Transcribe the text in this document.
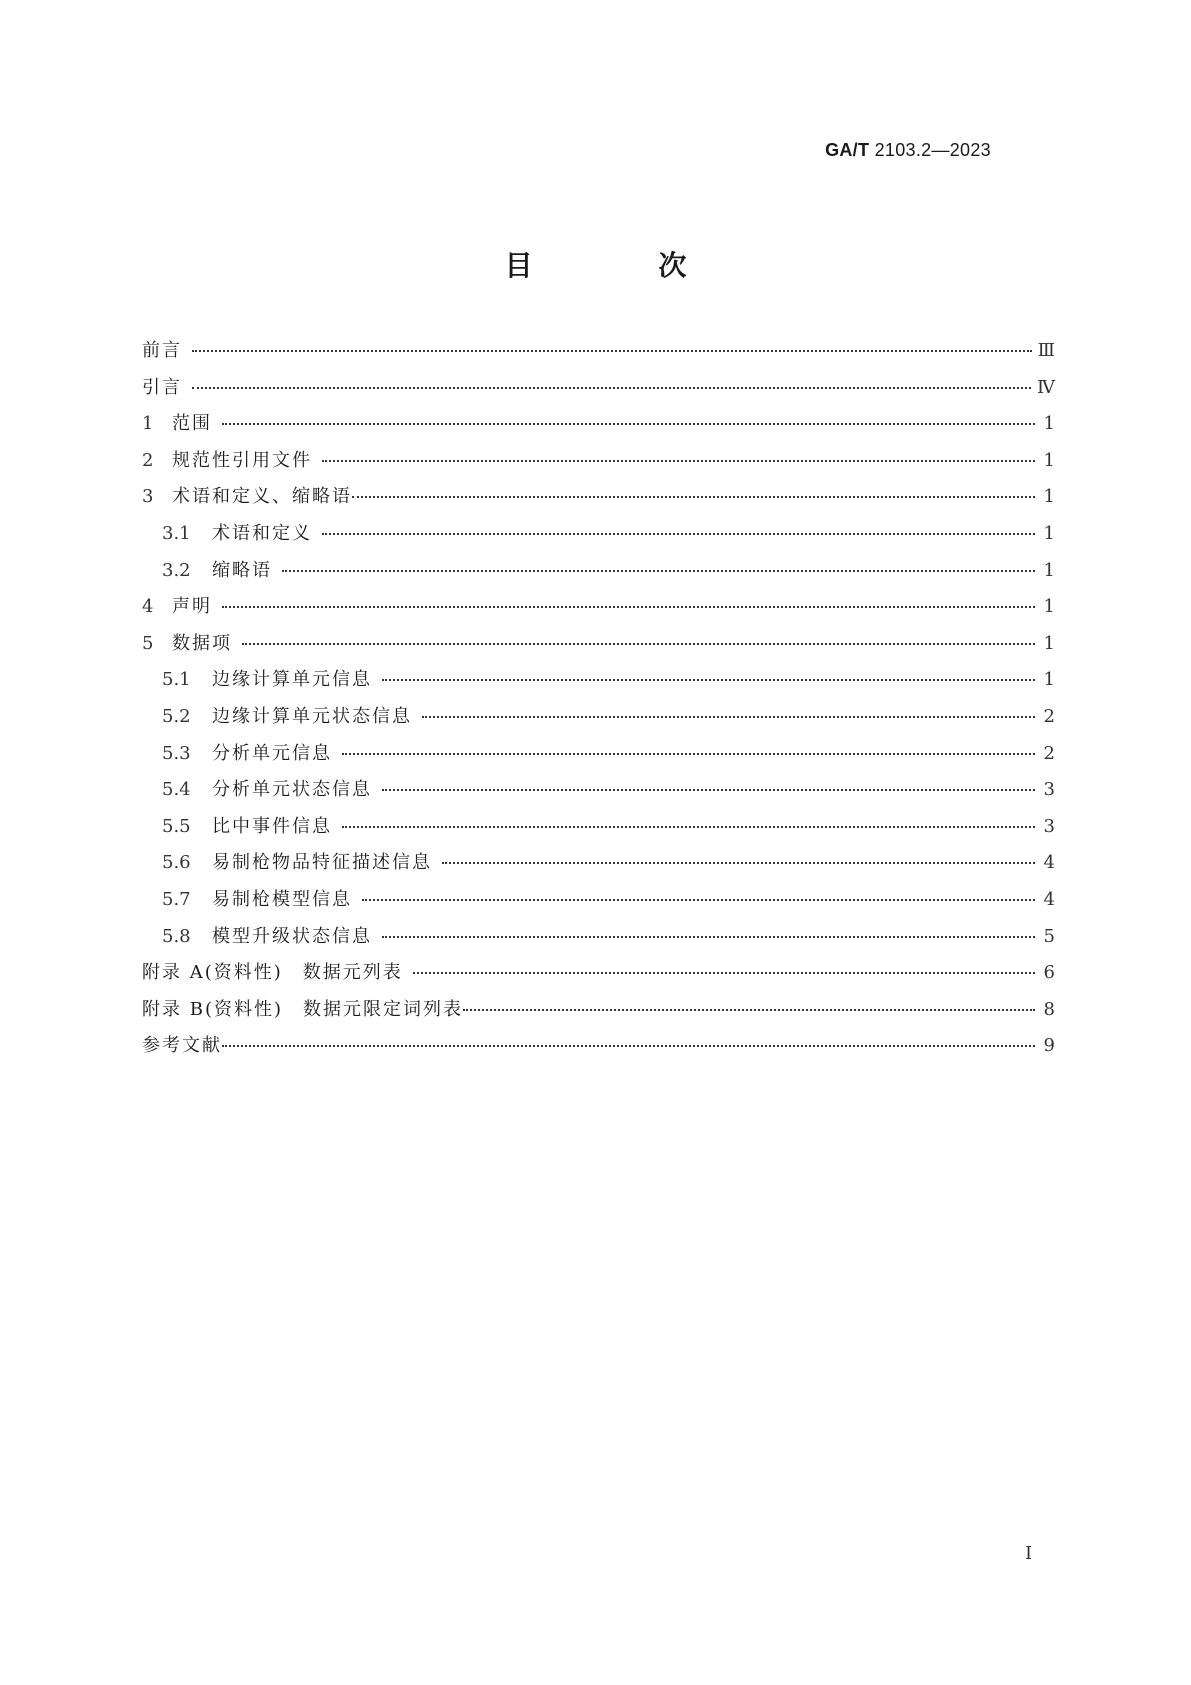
GA/T 2103.2—2023
目 次
前言	Ⅲ
引言	Ⅳ
1	范围	1
2	规范性引用文件	1
3	术语和定义、缩略语	1
3.1	术语和定义	1
3.2	缩略语	1
4	声明	1
5	数据项	1
5.1	边缘计算单元信息	1
5.2	边缘计算单元状态信息	2
5.3	分析单元信息	2
5.4	分析单元状态信息	3
5.5	比中事件信息	3
5.6	易制枪物品特征描述信息	4
5.7	易制枪模型信息	4
5.8	模型升级状态信息	5
附录 A(资料性)　数据元列表	6
附录 B(资料性)　数据元限定词列表	8
参考文献	9
Ⅰ
